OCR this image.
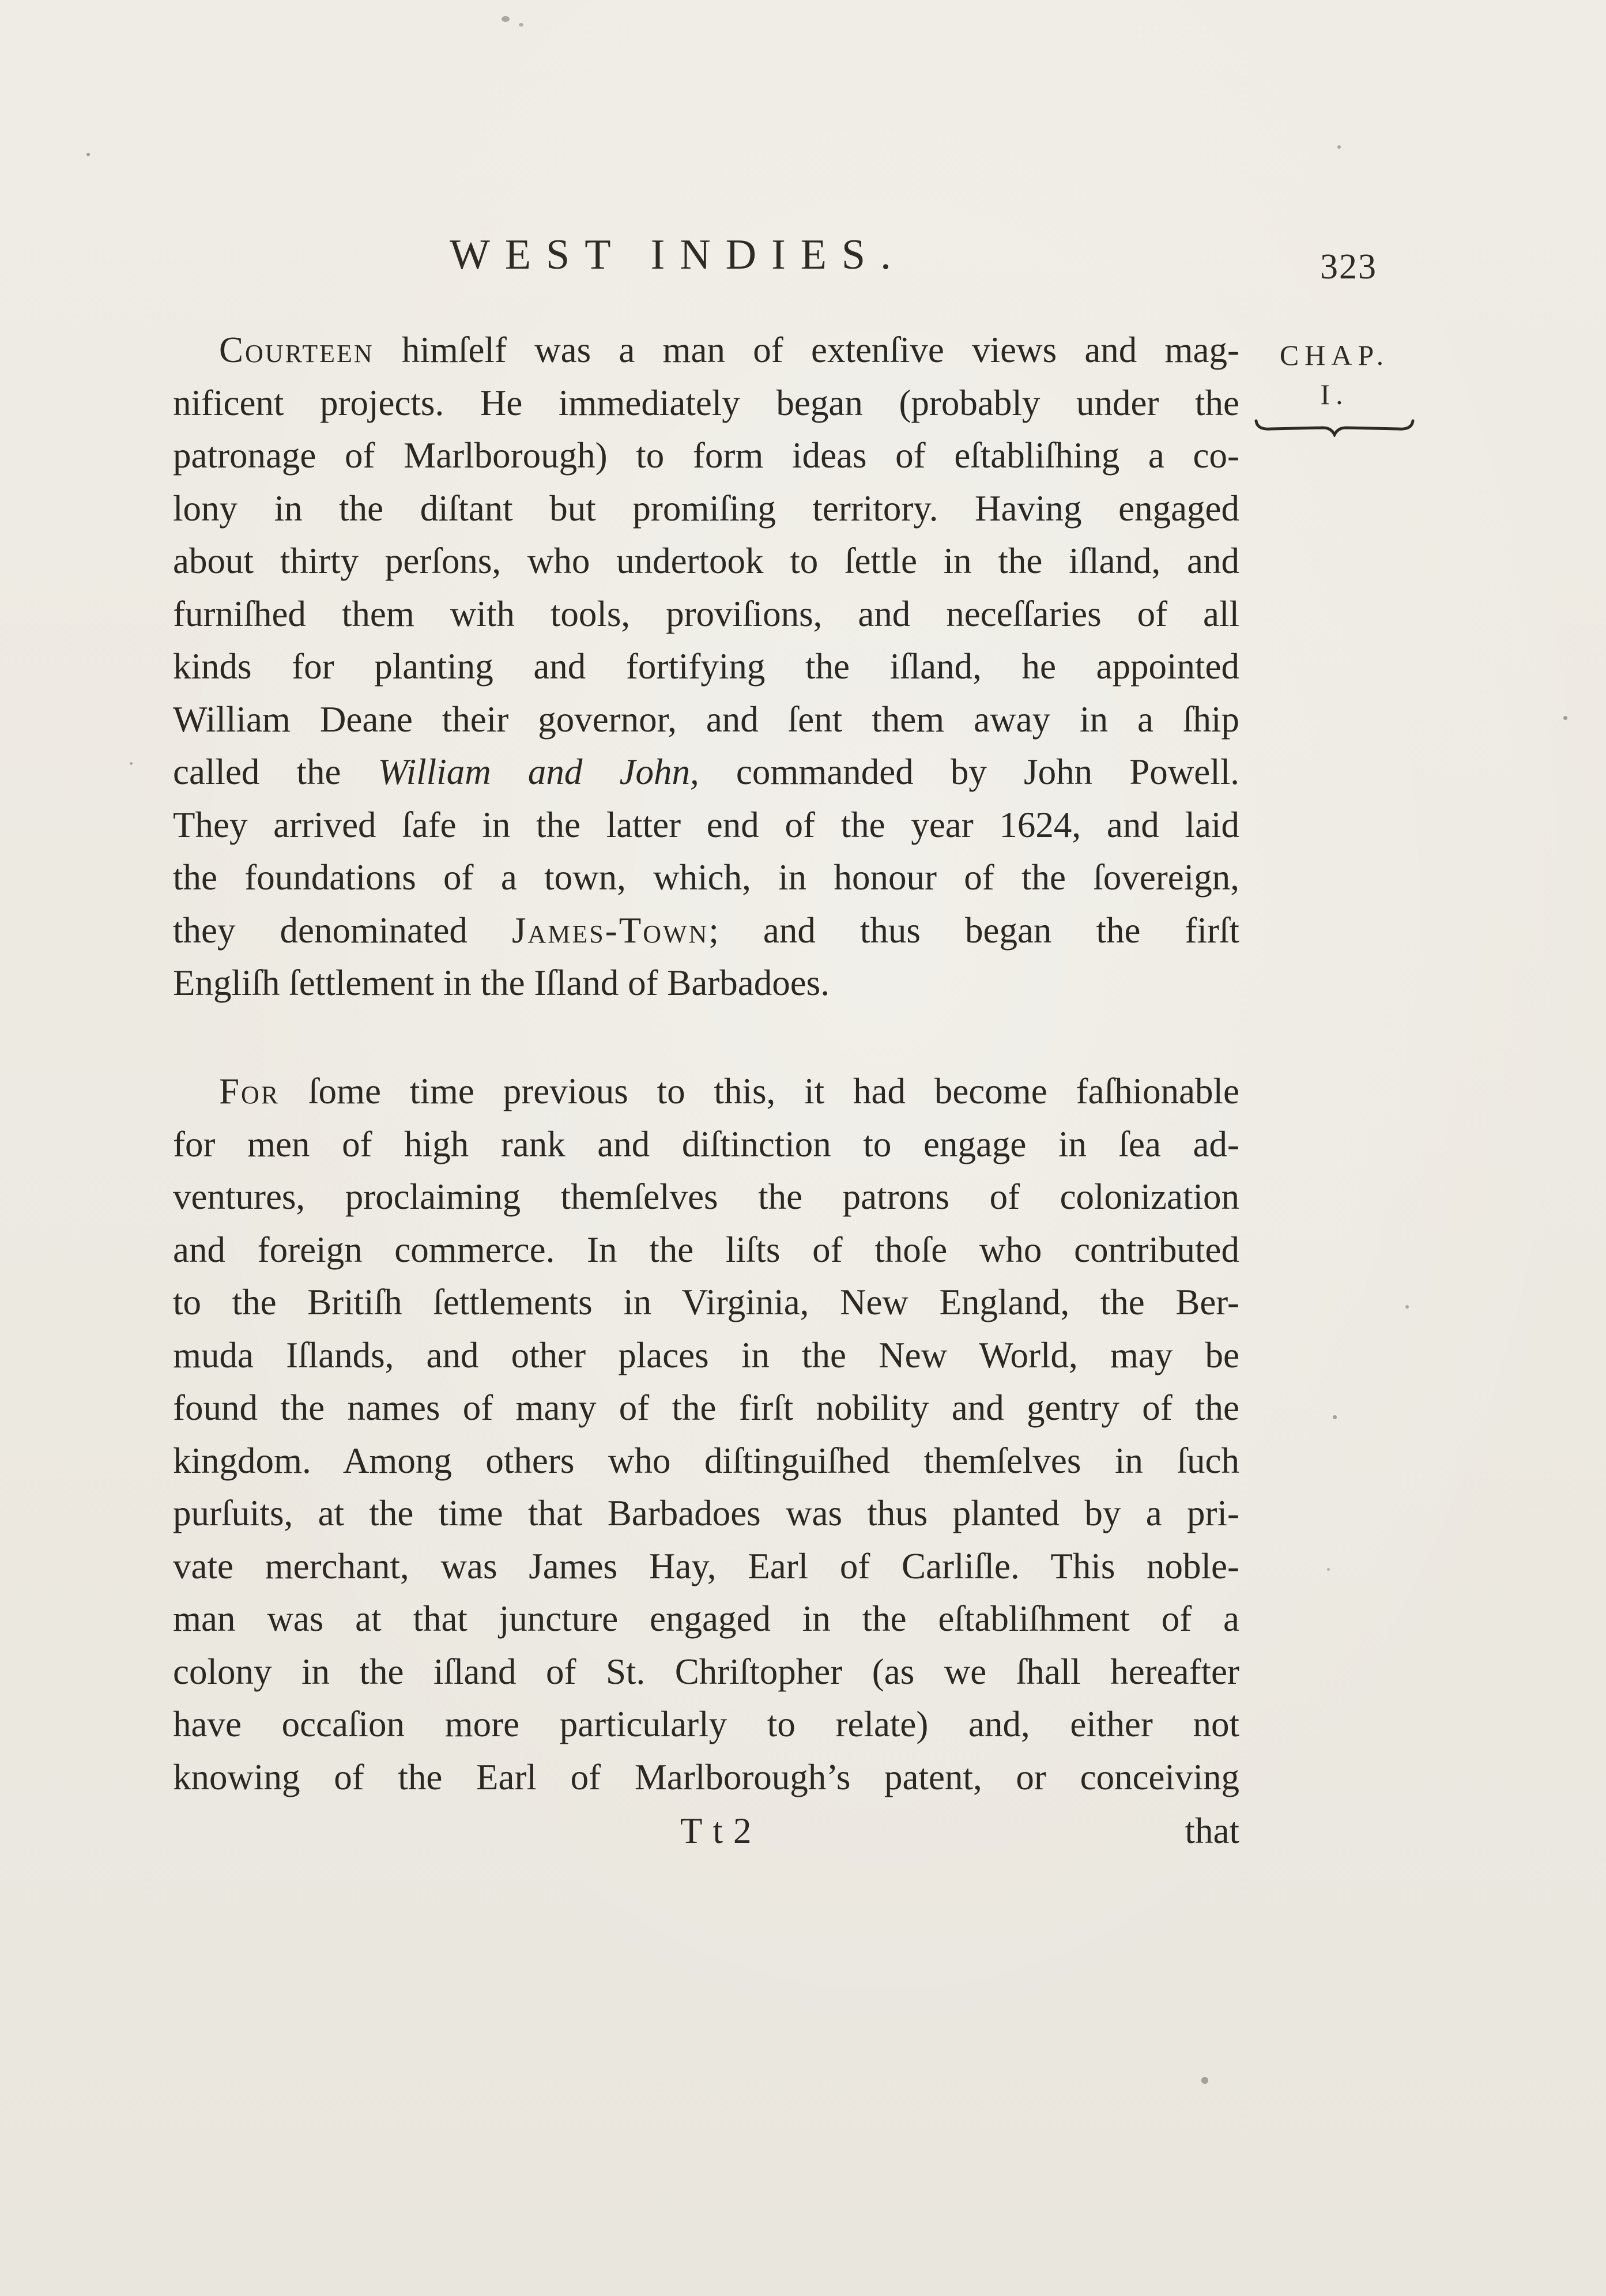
WEST INDIES.	323
CHAP.
I.
Courteen himſelf was a man of extenſive views and mag-
nificent projects. He immediately began (probably under the
patronage of Marlborough) to form ideas of eſtabliſhing a co-
lony in the diſtant but promiſing territory. Having engaged
about thirty perſons, who undertook to ſettle in the iſland, and
furniſhed them with tools, proviſions, and neceſſaries of all
kinds for planting and fortifying the iſland, he appointed
William Deane their governor, and ſent them away in a ſhip
called the William and John, commanded by John Powell.
They arrived ſafe in the latter end of the year 1624, and laid
the foundations of a town, which, in honour of the ſovereign,
they denominated James-Town; and thus began the firſt
Engliſh ſettlement in the Iſland of Barbadoes.
For ſome time previous to this, it had become faſhionable
for men of high rank and diſtinction to engage in ſea ad-
ventures, proclaiming themſelves the patrons of colonization
and foreign commerce. In the liſts of thoſe who contributed
to the Britiſh ſettlements in Virginia, New England, the Ber-
muda Iſlands, and other places in the New World, may be
found the names of many of the firſt nobility and gentry of the
kingdom. Among others who diſtinguiſhed themſelves in ſuch
purſuits, at the time that Barbadoes was thus planted by a pri-
vate merchant, was James Hay, Earl of Carliſle. This noble-
man was at that juncture engaged in the eſtabliſhment of a
colony in the iſland of St. Chriſtopher (as we ſhall hereafter
have occaſion more particularly to relate) and, either not
knowing of the Earl of Marlborough’s patent, or conceiving
Tt2	that
